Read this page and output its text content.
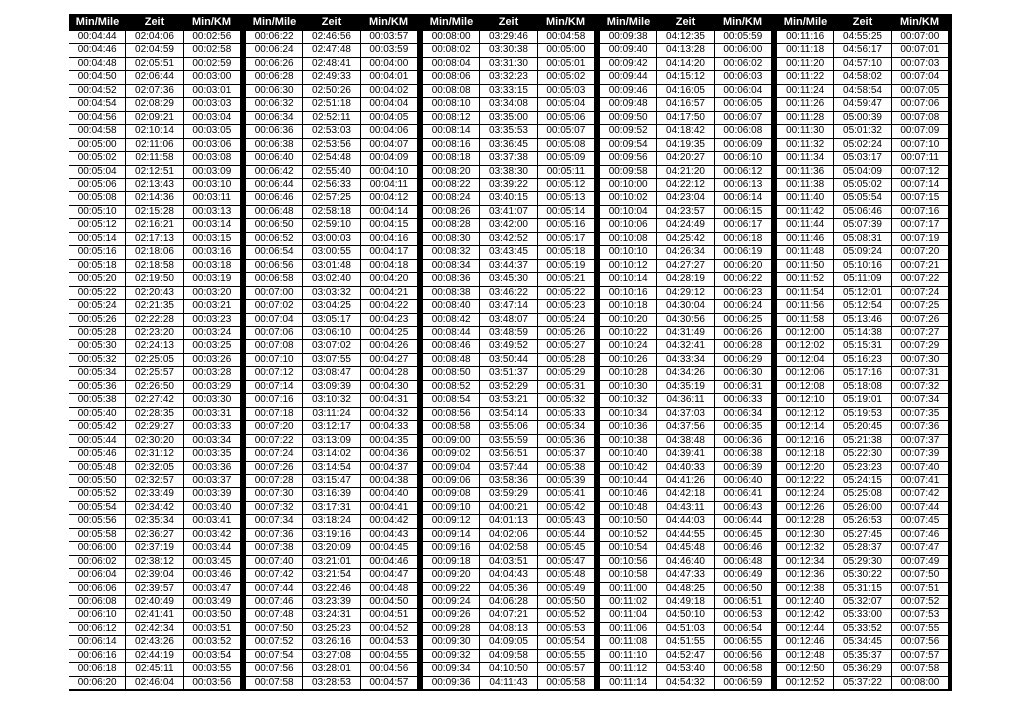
Min/Mile	Zeit	Min/KM
00:04:44	02:04:06	00:02:56
00:04:46	02:04:59	00:02:58
00:04:48	02:05:51	00:02:59
00:04:50	02:06:44	00:03:00
00:04:52	02:07:36	00:03:01
00:04:54	02:08:29	00:03:03
00:04:56	02:09:21	00:03:04
00:04:58	02:10:14	00:03:05
00:05:00	02:11:06	00:03:06
00:05:02	02:11:58	00:03:08
00:05:04	02:12:51	00:03:09
00:05:06	02:13:43	00:03:10
00:05:08	02:14:36	00:03:11
00:05:10	02:15:28	00:03:13
00:05:12	02:16:21	00:03:14
00:05:14	02:17:13	00:03:15
00:05:16	02:18:06	00:03:16
00:05:18	02:18:58	00:03:18
00:05:20	02:19:50	00:03:19
00:05:22	02:20:43	00:03:20
00:05:24	02:21:35	00:03:21
00:05:26	02:22:28	00:03:23
00:05:28	02:23:20	00:03:24
00:05:30	02:24:13	00:03:25
00:05:32	02:25:05	00:03:26
00:05:34	02:25:57	00:03:28
00:05:36	02:26:50	00:03:29
00:05:38	02:27:42	00:03:30
00:05:40	02:28:35	00:03:31
00:05:42	02:29:27	00:03:33
00:05:44	02:30:20	00:03:34
00:05:46	02:31:12	00:03:35
00:05:48	02:32:05	00:03:36
00:05:50	02:32:57	00:03:37
00:05:52	02:33:49	00:03:39
00:05:54	02:34:42	00:03:40
00:05:56	02:35:34	00:03:41
00:05:58	02:36:27	00:03:42
00:06:00	02:37:19	00:03:44
00:06:02	02:38:12	00:03:45
00:06:04	02:39:04	00:03:46
00:06:06	02:39:57	00:03:47
00:06:08	02:40:49	00:03:49
00:06:10	02:41:41	00:03:50
00:06:12	02:42:34	00:03:51
00:06:14	02:43:26	00:03:52
00:06:16	02:44:19	00:03:54
00:06:18	02:45:11	00:03:55
00:06:20	02:46:04	00:03:56
Min/Mile	Zeit	Min/KM
00:06:22	02:46:56	00:03:57
00:06:24	02:47:48	00:03:59
00:06:26	02:48:41	00:04:00
00:06:28	02:49:33	00:04:01
00:06:30	02:50:26	00:04:02
00:06:32	02:51:18	00:04:04
00:06:34	02:52:11	00:04:05
00:06:36	02:53:03	00:04:06
00:06:38	02:53:56	00:04:07
00:06:40	02:54:48	00:04:09
00:06:42	02:55:40	00:04:10
00:06:44	02:56:33	00:04:11
00:06:46	02:57:25	00:04:12
00:06:48	02:58:18	00:04:14
00:06:50	02:59:10	00:04:15
00:06:52	03:00:03	00:04:16
00:06:54	03:00:55	00:04:17
00:06:56	03:01:48	00:04:18
00:06:58	03:02:40	00:04:20
00:07:00	03:03:32	00:04:21
00:07:02	03:04:25	00:04:22
00:07:04	03:05:17	00:04:23
00:07:06	03:06:10	00:04:25
00:07:08	03:07:02	00:04:26
00:07:10	03:07:55	00:04:27
00:07:12	03:08:47	00:04:28
00:07:14	03:09:39	00:04:30
00:07:16	03:10:32	00:04:31
00:07:18	03:11:24	00:04:32
00:07:20	03:12:17	00:04:33
00:07:22	03:13:09	00:04:35
00:07:24	03:14:02	00:04:36
00:07:26	03:14:54	00:04:37
00:07:28	03:15:47	00:04:38
00:07:30	03:16:39	00:04:40
00:07:32	03:17:31	00:04:41
00:07:34	03:18:24	00:04:42
00:07:36	03:19:16	00:04:43
00:07:38	03:20:09	00:04:45
00:07:40	03:21:01	00:04:46
00:07:42	03:21:54	00:04:47
00:07:44	03:22:46	00:04:48
00:07:46	03:23:39	00:04:50
00:07:48	03:24:31	00:04:51
00:07:50	03:25:23	00:04:52
00:07:52	03:26:16	00:04:53
00:07:54	03:27:08	00:04:55
00:07:56	03:28:01	00:04:56
00:07:58	03:28:53	00:04:57
Min/Mile	Zeit	Min/KM
00:08:00	03:29:46	00:04:58
00:08:02	03:30:38	00:05:00
00:08:04	03:31:30	00:05:01
00:08:06	03:32:23	00:05:02
00:08:08	03:33:15	00:05:03
00:08:10	03:34:08	00:05:04
00:08:12	03:35:00	00:05:06
00:08:14	03:35:53	00:05:07
00:08:16	03:36:45	00:05:08
00:08:18	03:37:38	00:05:09
00:08:20	03:38:30	00:05:11
00:08:22	03:39:22	00:05:12
00:08:24	03:40:15	00:05:13
00:08:26	03:41:07	00:05:14
00:08:28	03:42:00	00:05:16
00:08:30	03:42:52	00:05:17
00:08:32	03:43:45	00:05:18
00:08:34	03:44:37	00:05:19
00:08:36	03:45:30	00:05:21
00:08:38	03:46:22	00:05:22
00:08:40	03:47:14	00:05:23
00:08:42	03:48:07	00:05:24
00:08:44	03:48:59	00:05:26
00:08:46	03:49:52	00:05:27
00:08:48	03:50:44	00:05:28
00:08:50	03:51:37	00:05:29
00:08:52	03:52:29	00:05:31
00:08:54	03:53:21	00:05:32
00:08:56	03:54:14	00:05:33
00:08:58	03:55:06	00:05:34
00:09:00	03:55:59	00:05:36
00:09:02	03:56:51	00:05:37
00:09:04	03:57:44	00:05:38
00:09:06	03:58:36	00:05:39
00:09:08	03:59:29	00:05:41
00:09:10	04:00:21	00:05:42
00:09:12	04:01:13	00:05:43
00:09:14	04:02:06	00:05:44
00:09:16	04:02:58	00:05:45
00:09:18	04:03:51	00:05:47
00:09:20	04:04:43	00:05:48
00:09:22	04:05:36	00:05:49
00:09:24	04:06:28	00:05:50
00:09:26	04:07:21	00:05:52
00:09:28	04:08:13	00:05:53
00:09:30	04:09:05	00:05:54
00:09:32	04:09:58	00:05:55
00:09:34	04:10:50	00:05:57
00:09:36	04:11:43	00:05:58
Min/Mile	Zeit	Min/KM
00:09:38	04:12:35	00:05:59
00:09:40	04:13:28	00:06:00
00:09:42	04:14:20	00:06:02
00:09:44	04:15:12	00:06:03
00:09:46	04:16:05	00:06:04
00:09:48	04:16:57	00:06:05
00:09:50	04:17:50	00:06:07
00:09:52	04:18:42	00:06:08
00:09:54	04:19:35	00:06:09
00:09:56	04:20:27	00:06:10
00:09:58	04:21:20	00:06:12
00:10:00	04:22:12	00:06:13
00:10:02	04:23:04	00:06:14
00:10:04	04:23:57	00:06:15
00:10:06	04:24:49	00:06:17
00:10:08	04:25:42	00:06:18
00:10:10	04:26:34	00:06:19
00:10:12	04:27:27	00:06:20
00:10:14	04:28:19	00:06:22
00:10:16	04:29:12	00:06:23
00:10:18	04:30:04	00:06:24
00:10:20	04:30:56	00:06:25
00:10:22	04:31:49	00:06:26
00:10:24	04:32:41	00:06:28
00:10:26	04:33:34	00:06:29
00:10:28	04:34:26	00:06:30
00:10:30	04:35:19	00:06:31
00:10:32	04:36:11	00:06:33
00:10:34	04:37:03	00:06:34
00:10:36	04:37:56	00:06:35
00:10:38	04:38:48	00:06:36
00:10:40	04:39:41	00:06:38
00:10:42	04:40:33	00:06:39
00:10:44	04:41:26	00:06:40
00:10:46	04:42:18	00:06:41
00:10:48	04:43:11	00:06:43
00:10:50	04:44:03	00:06:44
00:10:52	04:44:55	00:06:45
00:10:54	04:45:48	00:06:46
00:10:56	04:46:40	00:06:48
00:10:58	04:47:33	00:06:49
00:11:00	04:48:25	00:06:50
00:11:02	04:49:18	00:06:51
00:11:04	04:50:10	00:06:53
00:11:06	04:51:03	00:06:54
00:11:08	04:51:55	00:06:55
00:11:10	04:52:47	00:06:56
00:11:12	04:53:40	00:06:58
00:11:14	04:54:32	00:06:59
Min/Mile	Zeit	Min/KM
00:11:16	04:55:25	00:07:00
00:11:18	04:56:17	00:07:01
00:11:20	04:57:10	00:07:03
00:11:22	04:58:02	00:07:04
00:11:24	04:58:54	00:07:05
00:11:26	04:59:47	00:07:06
00:11:28	05:00:39	00:07:08
00:11:30	05:01:32	00:07:09
00:11:32	05:02:24	00:07:10
00:11:34	05:03:17	00:07:11
00:11:36	05:04:09	00:07:12
00:11:38	05:05:02	00:07:14
00:11:40	05:05:54	00:07:15
00:11:42	05:06:46	00:07:16
00:11:44	05:07:39	00:07:17
00:11:46	05:08:31	00:07:19
00:11:48	05:09:24	00:07:20
00:11:50	05:10:16	00:07:21
00:11:52	05:11:09	00:07:22
00:11:54	05:12:01	00:07:24
00:11:56	05:12:54	00:07:25
00:11:58	05:13:46	00:07:26
00:12:00	05:14:38	00:07:27
00:12:02	05:15:31	00:07:29
00:12:04	05:16:23	00:07:30
00:12:06	05:17:16	00:07:31
00:12:08	05:18:08	00:07:32
00:12:10	05:19:01	00:07:34
00:12:12	05:19:53	00:07:35
00:12:14	05:20:45	00:07:36
00:12:16	05:21:38	00:07:37
00:12:18	05:22:30	00:07:39
00:12:20	05:23:23	00:07:40
00:12:22	05:24:15	00:07:41
00:12:24	05:25:08	00:07:42
00:12:26	05:26:00	00:07:44
00:12:28	05:26:53	00:07:45
00:12:30	05:27:45	00:07:46
00:12:32	05:28:37	00:07:47
00:12:34	05:29:30	00:07:49
00:12:36	05:30:22	00:07:50
00:12:38	05:31:15	00:07:51
00:12:40	05:32:07	00:07:52
00:12:42	05:33:00	00:07:53
00:12:44	05:33:52	00:07:55
00:12:46	05:34:45	00:07:56
00:12:48	05:35:37	00:07:57
00:12:50	05:36:29	00:07:58
00:12:52	05:37:22	00:08:00
